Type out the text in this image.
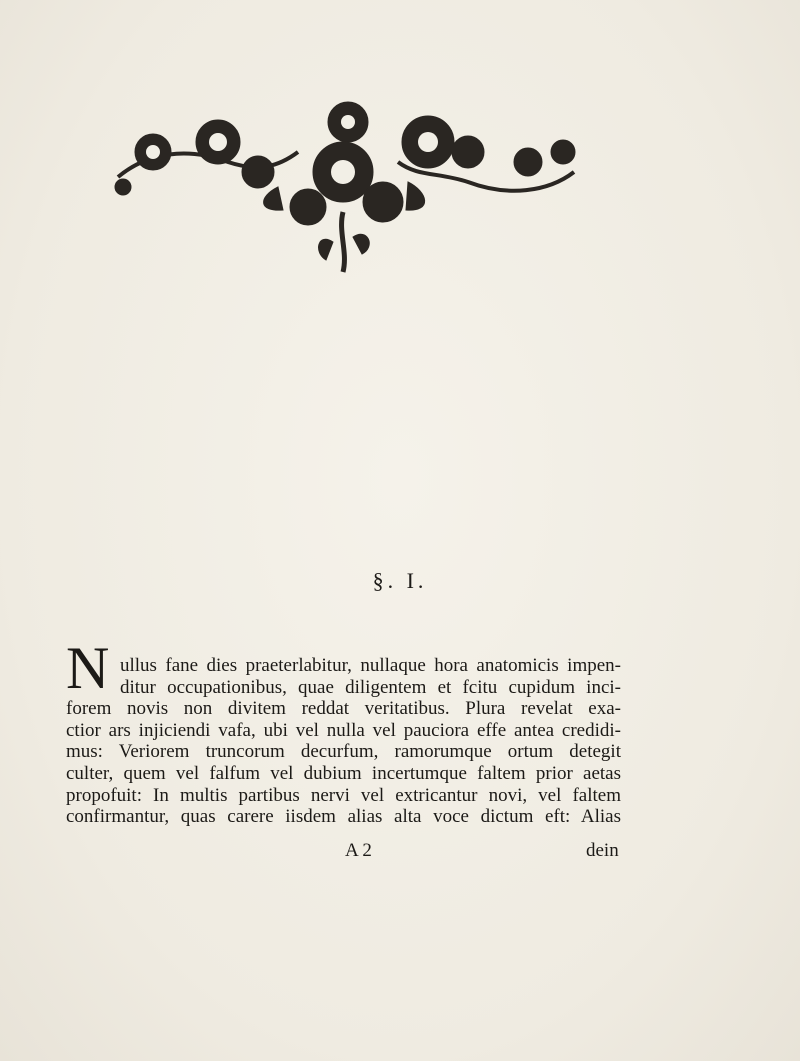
§. I.
N ullus fane dies praeterlabitur, nullaque hora anatomicis impen-
ditur occupationibus, quae diligentem et fcitu cupidum inci-
forem novis non divitem reddat veritatibus. Plura revelat exa-
ctior ars injiciendi vafa, ubi vel nulla vel pauciora effe antea credidi-
mus: Veriorem truncorum decurfum, ramorumque ortum detegit
culter, quem vel falfum vel dubium incertumque faltem prior aetas
propofuit: In multis partibus nervi vel extricantur novi, vel faltem
confirmantur, quas carere iisdem alias alta voce dictum eft: Alias
A 2	dein
